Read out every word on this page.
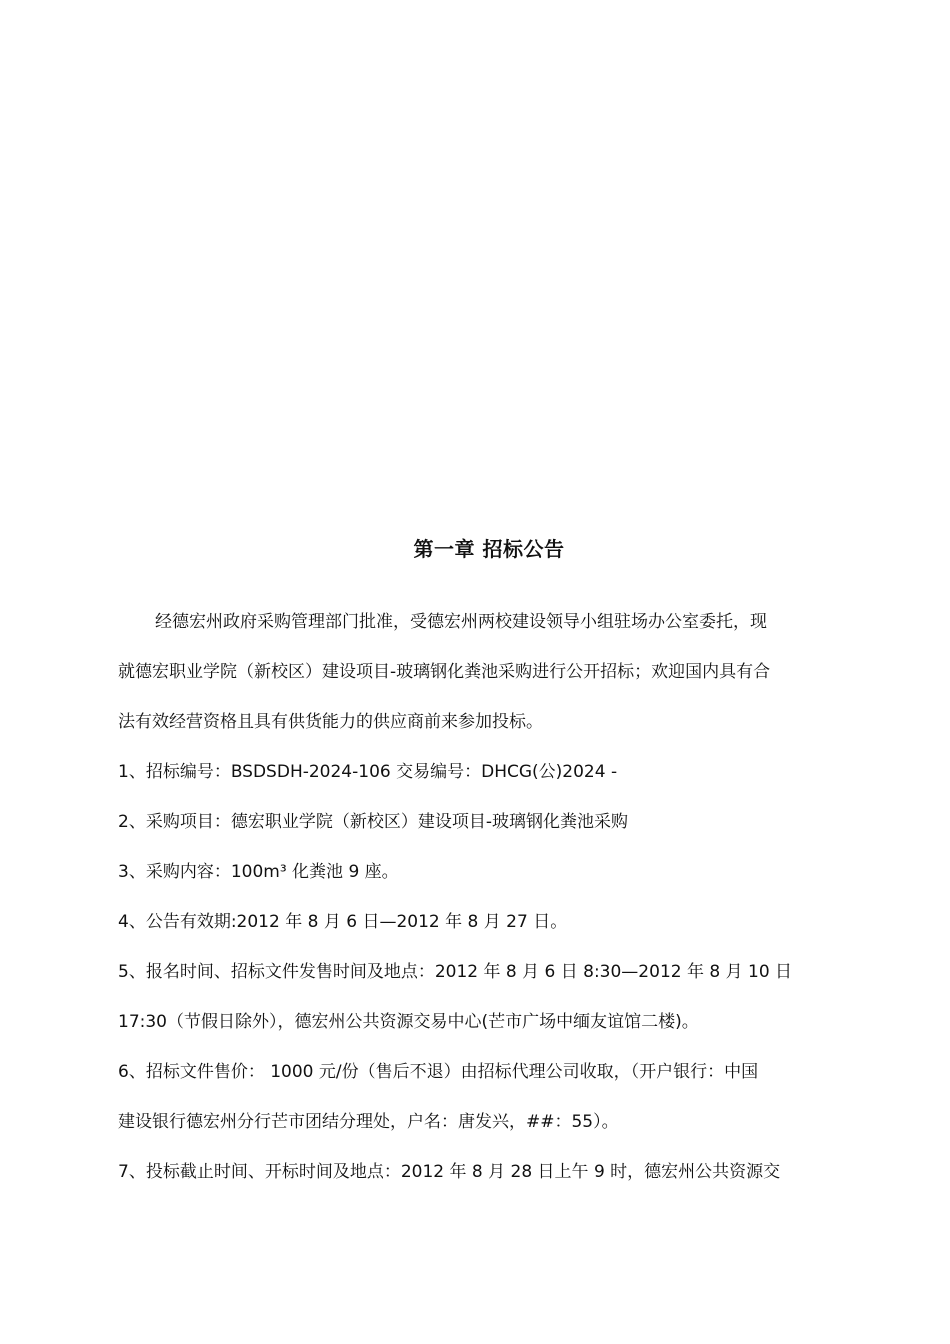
第一章 招标公告
经德宏州政府采购管理部门批准，受德宏州两校建设领导小组驻场办公室委托，现
就德宏职业学院（新校区）建设项目-玻璃钢化粪池采购进行公开招标；欢迎国内具有合
法有效经营资格且具有供货能力的供应商前来参加投标。
1、招标编号：BSDSDH-2024-106 交易编号：DHCG(公)2024 -
2、采购项目：德宏职业学院（新校区）建设项目-玻璃钢化粪池采购
3、采购内容：100m³ 化粪池 9 座。
4、公告有效期:2012 年 8 月 6 日—2012 年 8 月 27 日。
5、报名时间、招标文件发售时间及地点：2012 年 8 月 6 日 8:30—2012 年 8 月 10 日
17:30（节假日除外），德宏州公共资源交易中心(芒市广场中缅友谊馆二楼)。
6、招标文件售价： 1000 元/份（售后不退）由招标代理公司收取，（开户银行：中国
建设银行德宏州分行芒市团结分理处，户名：唐发兴，##：55）。
7、投标截止时间、开标时间及地点：2012 年 8 月 28 日上午 9 时，德宏州公共资源交
